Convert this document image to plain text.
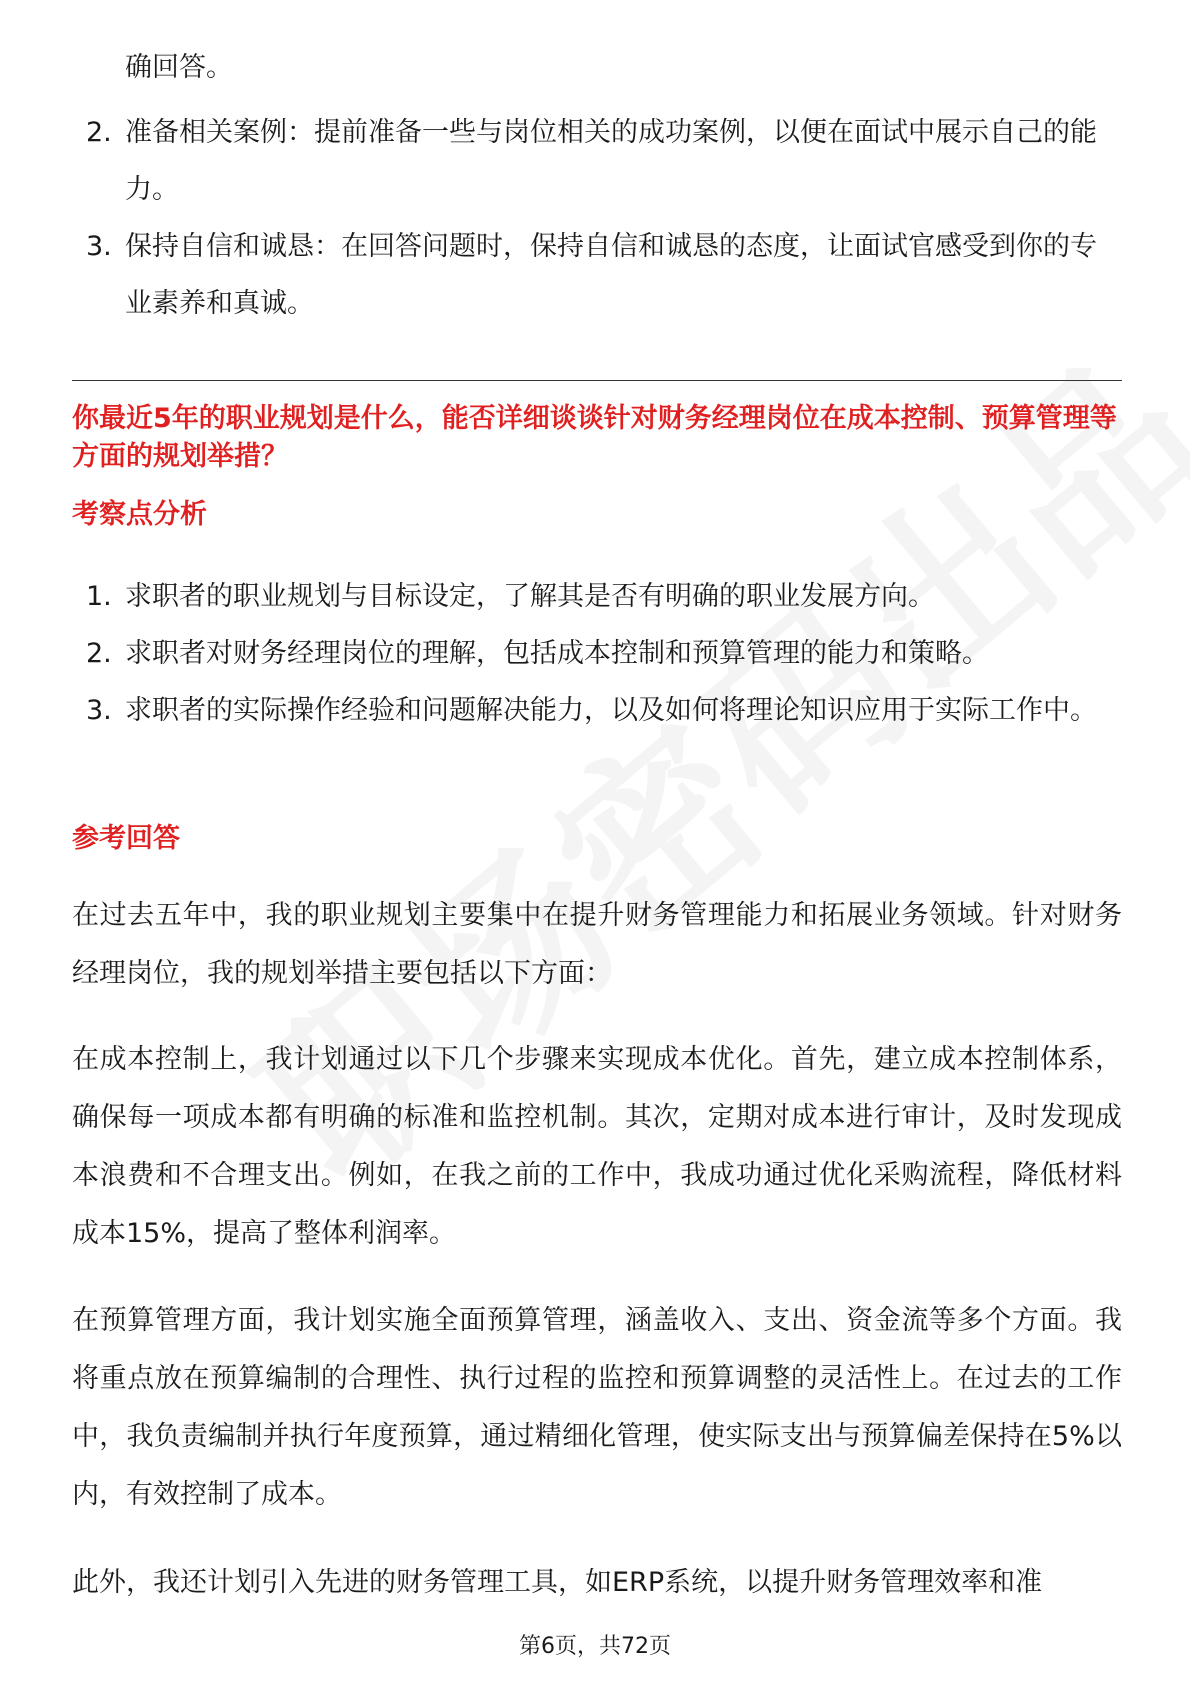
确回答。

2. 准备相关案例：提前准备一些与岗位相关的成功案例，以便在面试中展示自己的能力。
3. 保持自信和诚恳：在回答问题时，保持自信和诚恳的态度，让面试官感受到你的专业素养和真诚。
你最近5年的职业规划是什么，能否详细谈谈针对财务经理岗位在成本控制、预算管理等方面的规划举措？
考察点分析
1. 求职者的职业规划与目标设定，了解其是否有明确的职业发展方向。
2. 求职者对财务经理岗位的理解，包括成本控制和预算管理的能力和策略。
3. 求职者的实际操作经验和问题解决能力，以及如何将理论知识应用于实际工作中。
参考回答

在过去五年中，我的职业规划主要集中在提升财务管理能力和拓展业务领域。针对财务经理岗位，我的规划举措主要包括以下方面：

在成本控制上，我计划通过以下几个步骤来实现成本优化。首先，建立成本控制体系，确保每一项成本都有明确的标准和监控机制。其次，定期对成本进行审计，及时发现成本浪费和不合理支出。例如，在我之前的工作中，我成功通过优化采购流程，降低材料成本15%，提高了整体利润率。

在预算管理方面，我计划实施全面预算管理，涵盖收入、支出、资金流等多个方面。我将重点放在预算编制的合理性、执行过程的监控和预算调整的灵活性上。在过去的工作中，我负责编制并执行年度预算，通过精细化管理，使实际支出与预算偏差保持在5%以内，有效控制了成本。

此外，我还计划引入先进的财务管理工具，如ERP系统，以提升财务管理效率和准

第6页，共72页
